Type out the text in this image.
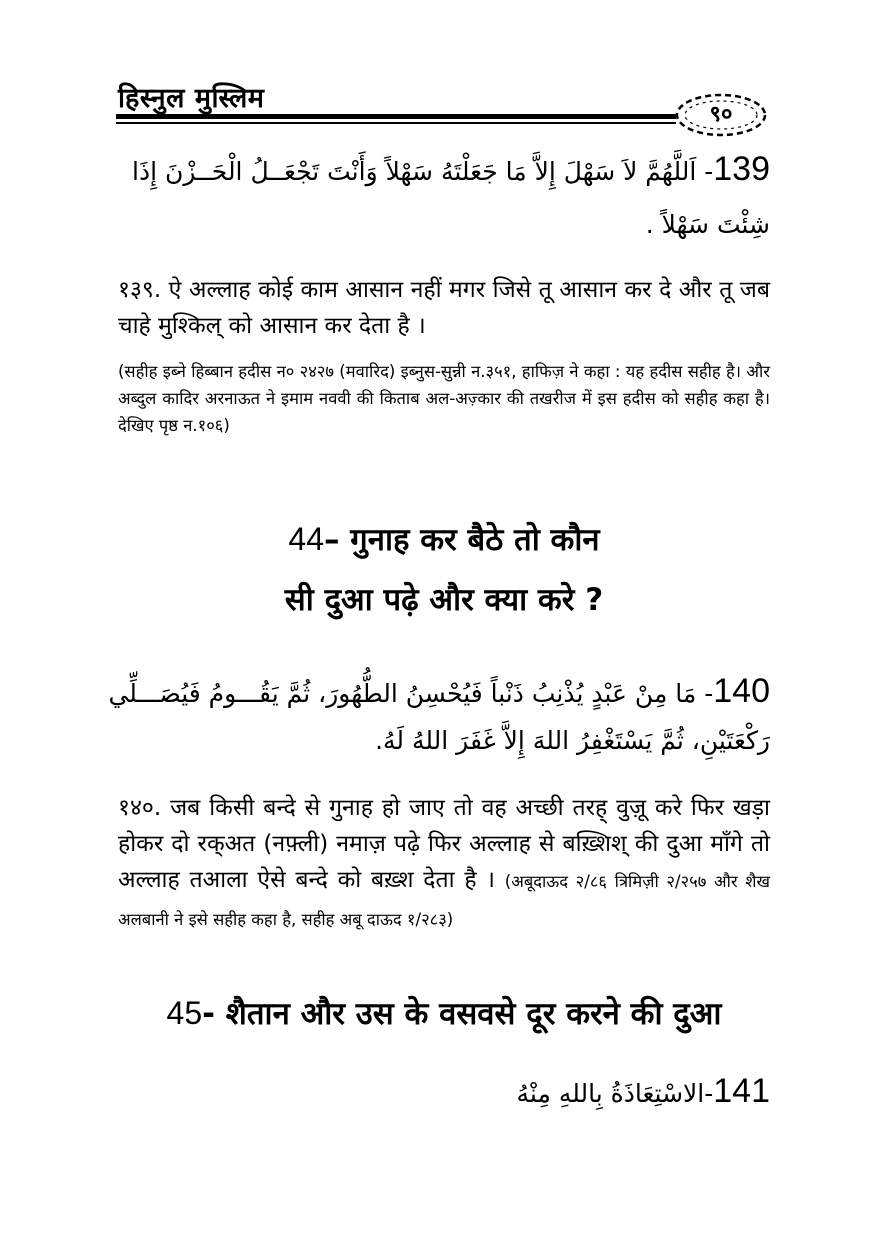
हिस्नुल मुस्लिम
९०
139- اَللَّهُمَّ لاَ سَهْلَ إِلاَّ مَا جَعَلْتَهُ سَهْلاً وَأَنْتَ تَجْعَــلُ الْحَــزْنَ إِذَا
شِئْتَ سَهْلاً .
१३९. ऐ अल्लाह कोई काम आसान नहीं मगर जिसे तू आसान कर दे और तू जब चाहे मुश्किल् को आसान कर देता है ।
(सहीह इब्ने हिब्बान हदीस न० २४२७ (मवारिद) इब्नुस-सुन्नी न.३५१, हाफिज़ ने कहा : यह हदीस सहीह है। और अब्दुल कादिर अरनाऊत ने इमाम नववी की किताब अल-अज़्कार की तखरीज में इस हदीस को सहीह कहा है। देखिए पृष्ठ न.१०६)
44– गुनाह कर बैठे तो कौन
सी दुआ पढ़े और क्या करे ?
140- مَا مِنْ عَبْدٍ يُذْنِبُ ذَنْباً فَيُحْسِنُ الطُّهُورَ، ثُمَّ يَقُـــومُ فَيُصَـــلِّي
رَكْعَتَيْنِ، ثُمَّ يَسْتَغْفِرُ اللهَ إِلاَّ غَفَرَ اللهُ لَهُ.
१४०. जब किसी बन्दे से गुनाह हो जाए तो वह अच्छी तरह् वुज़ू करे फिर खड़ा होकर दो रक्अत (नफ़्ली) नमाज़ पढ़े फिर अल्लाह से बख़्शिश् की दुआ माँगे तो अल्लाह तआला ऐसे बन्दे को बख़्श देता है । (अबूदाऊद २/८६ त्रिमिज़ी २/२५७ और शैख अलबानी ने इसे सहीह कहा है, सहीह अबू दाऊद १/२८३)
45- शैतान और उस के वसवसे दूर करने की दुआ
141-الاسْتِعَاذَةُ بِاللهِ مِنْهُ
